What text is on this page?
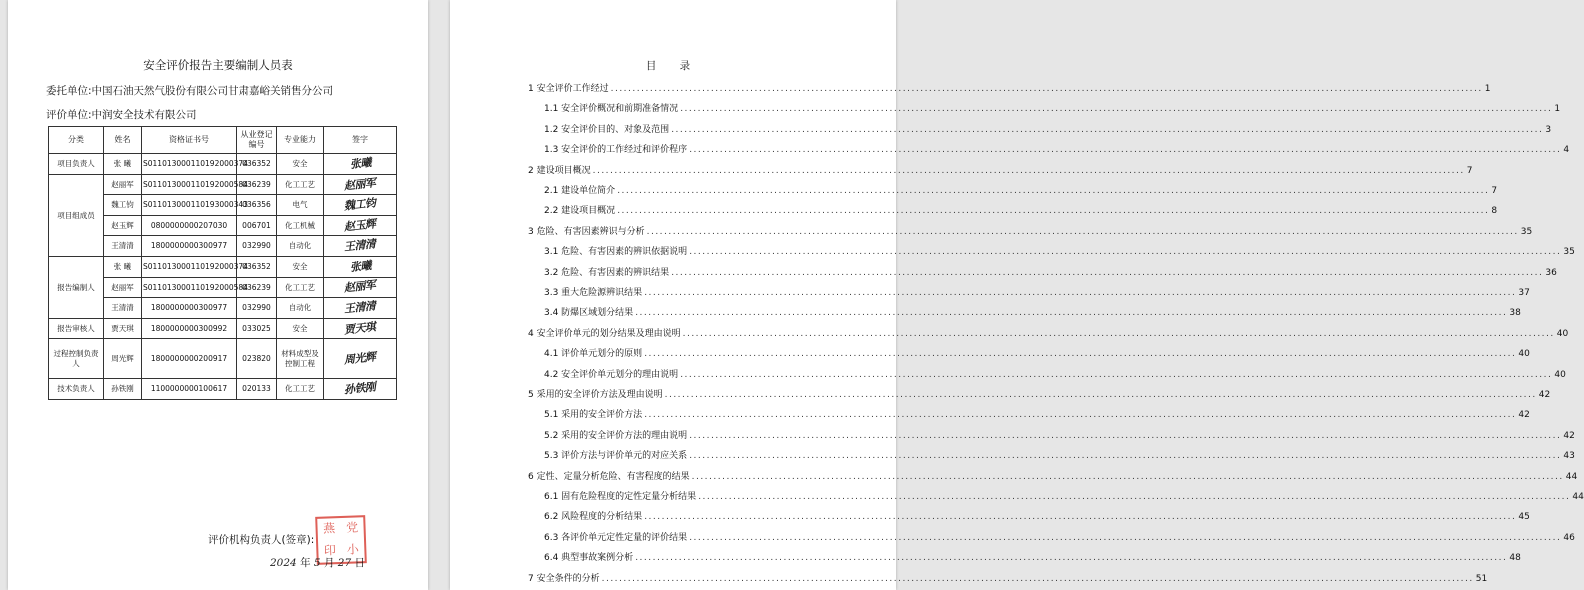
安全评价报告主要编制人员表
委托单位:中国石油天然气股份有限公司甘肃嘉峪关销售分公司
评价单位:中润安全技术有限公司
分类	姓名	资格证书号	从业登记编号	专业能力	签字
项目负责人	张 曦	S011013000110192000374	036352	安全	张曦
项目组成员	赵丽军	S011013000110192000584	036239	化工工艺	赵丽军
	魏工钧	S011013000110193000343	036356	电气	魏工钧
	赵玉辉	0800000000207030	006701	化工机械	赵玉辉
	王清清	1800000000300977	032990	自动化	王清清
报告编制人	张 曦	S011013000110192000374	036352	安全	张曦
	赵丽军	S011013000110192000584	036239	化工工艺	赵丽军
	王清清	1800000000300977	032990	自动化	王清清
报告审核人	贾天琪	1800000000300992	033025	安全	贾天琪
过程控制负责人	周光辉	1800000000200917	023820	材料成型及控制工程	周光辉
技术负责人	孙铁刚	1100000000100617	020133	化工工艺	孙铁刚
评价机构负责人(签章):
燕 党
印 小
2024 年 5 月 27 日
目 录
1 安全评价工作经过 ........................................................................................................................................................................................................ 1
1.1 安全评价概况和前期准备情况 ........................................................................................................................................................................................................ 1
1.2 安全评价目的、对象及范围 ........................................................................................................................................................................................................ 3
1.3 安全评价的工作经过和评价程序 ........................................................................................................................................................................................................ 4
2 建设项目概况 ........................................................................................................................................................................................................ 7
2.1 建设单位简介 ........................................................................................................................................................................................................ 7
2.2 建设项目概况 ........................................................................................................................................................................................................ 8
3 危险、有害因素辨识与分析 ........................................................................................................................................................................................................ 35
3.1 危险、有害因素的辨识依据说明 ........................................................................................................................................................................................................ 35
3.2 危险、有害因素的辨识结果 ........................................................................................................................................................................................................ 36
3.3 重大危险源辨识结果 ........................................................................................................................................................................................................ 37
3.4 防爆区域划分结果 ........................................................................................................................................................................................................ 38
4 安全评价单元的划分结果及理由说明 ........................................................................................................................................................................................................ 40
4.1 评价单元划分的原则 ........................................................................................................................................................................................................ 40
4.2 安全评价单元划分的理由说明 ........................................................................................................................................................................................................ 40
5 采用的安全评价方法及理由说明 ........................................................................................................................................................................................................ 42
5.1 采用的安全评价方法 ........................................................................................................................................................................................................ 42
5.2 采用的安全评价方法的理由说明 ........................................................................................................................................................................................................ 42
5.3 评价方法与评价单元的对应关系 ........................................................................................................................................................................................................ 43
6 定性、定量分析危险、有害程度的结果 ........................................................................................................................................................................................................ 44
6.1 固有危险程度的定性定量分析结果 ........................................................................................................................................................................................................ 44
6.2 风险程度的分析结果 ........................................................................................................................................................................................................ 45
6.3 各评价单元定性定量的评价结果 ........................................................................................................................................................................................................ 46
6.4 典型事故案例分析 ........................................................................................................................................................................................................ 48
7 安全条件的分析 ........................................................................................................................................................................................................ 51
